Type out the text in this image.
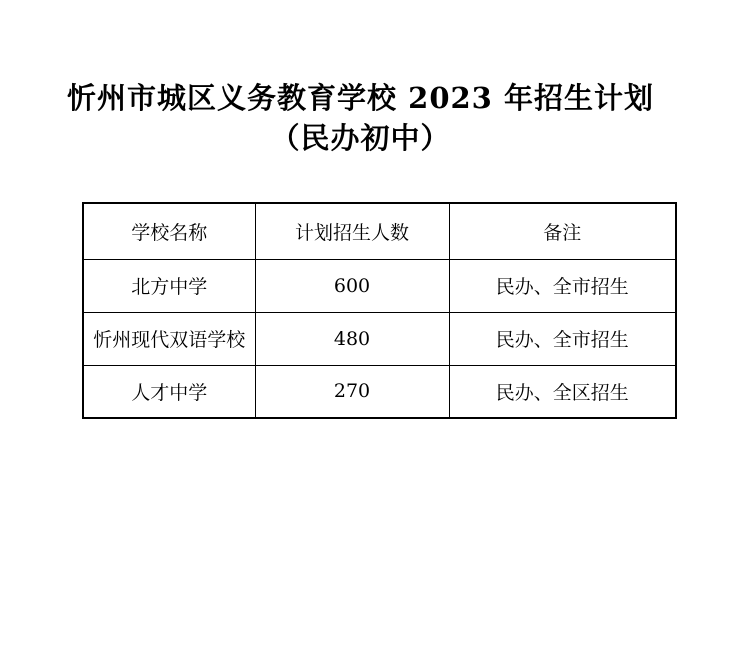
忻州市城区义务教育学校 2023 年招生计划
（民办初中）
学校名称	计划招生人数	备注
北方中学	600	民办、全市招生
忻州现代双语学校	480	民办、全市招生
人才中学	270	民办、全区招生
